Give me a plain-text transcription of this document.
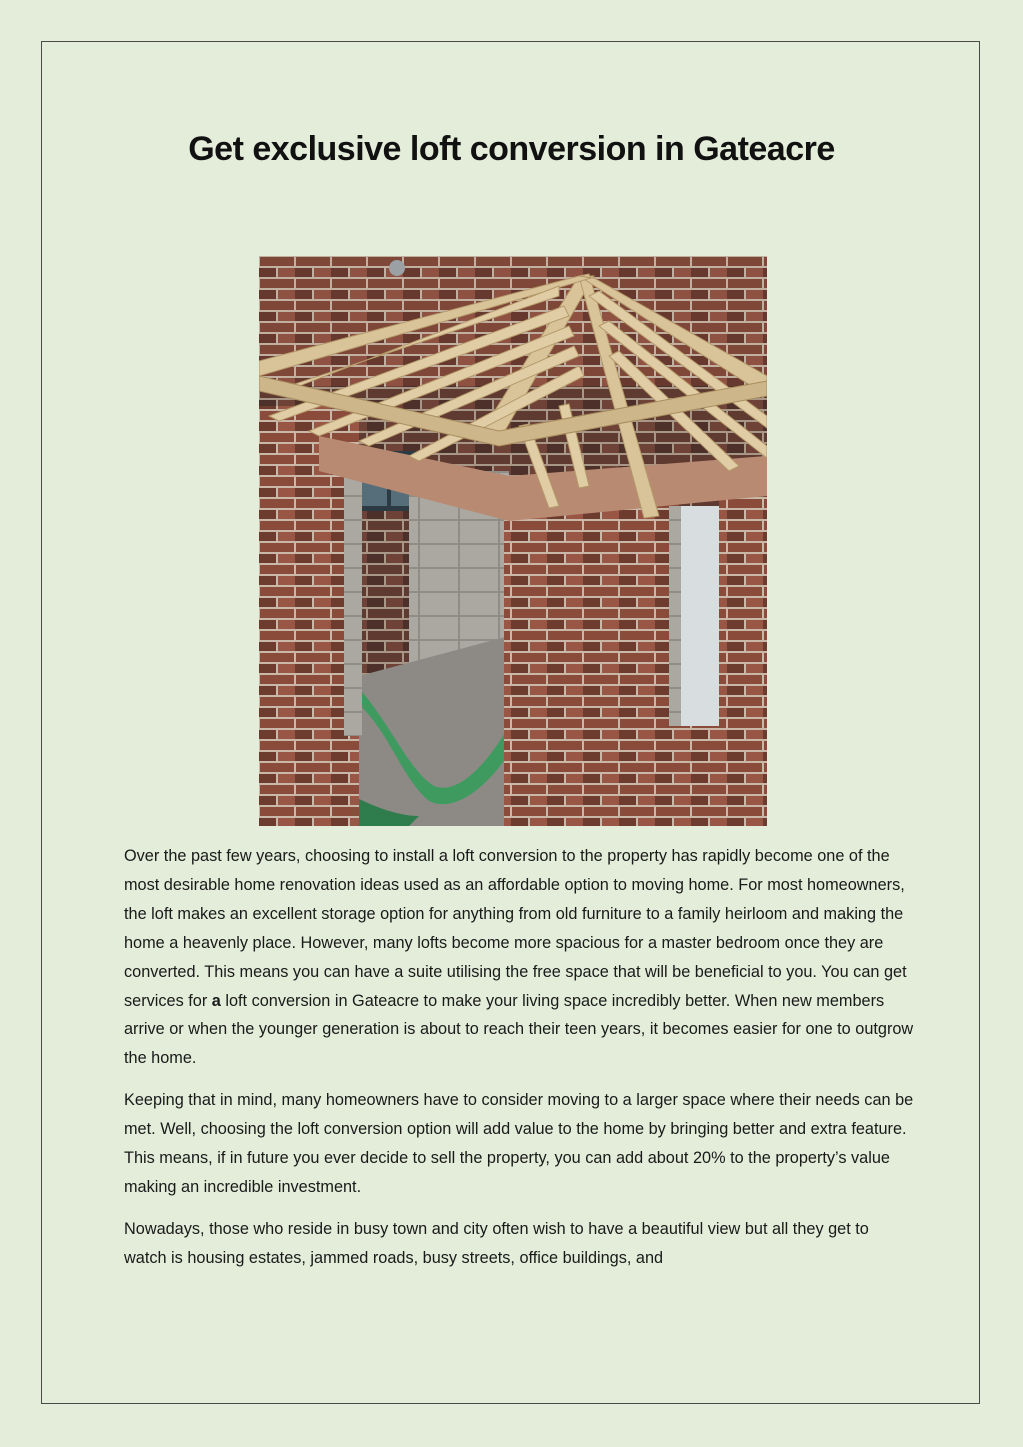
Get exclusive loft conversion in Gateacre

Over the past few years, choosing to install a loft conversion to the property has rapidly become one of the most desirable home renovation ideas used as an affordable option to moving home. For most homeowners, the loft makes an excellent storage option for anything from old furniture to a family heirloom and making the home a heavenly place. However, many lofts become more spacious for a master bedroom once they are converted. This means you can have a suite utilising the free space that will be beneficial to you. You can get services for a loft conversion in Gateacre to make your living space incredibly better. When new members arrive or when the younger generation is about to reach their teen years, it becomes easier for one to outgrow the home.

Keeping that in mind, many homeowners have to consider moving to a larger space where their needs can be met. Well, choosing the loft conversion option will add value to the home by bringing better and extra feature. This means, if in future you ever decide to sell the property, you can add about 20% to the property’s value making an incredible investment.

Nowadays, those who reside in busy town and city often wish to have a beautiful view but all they get to watch is housing estates, jammed roads, busy streets, office buildings, and
